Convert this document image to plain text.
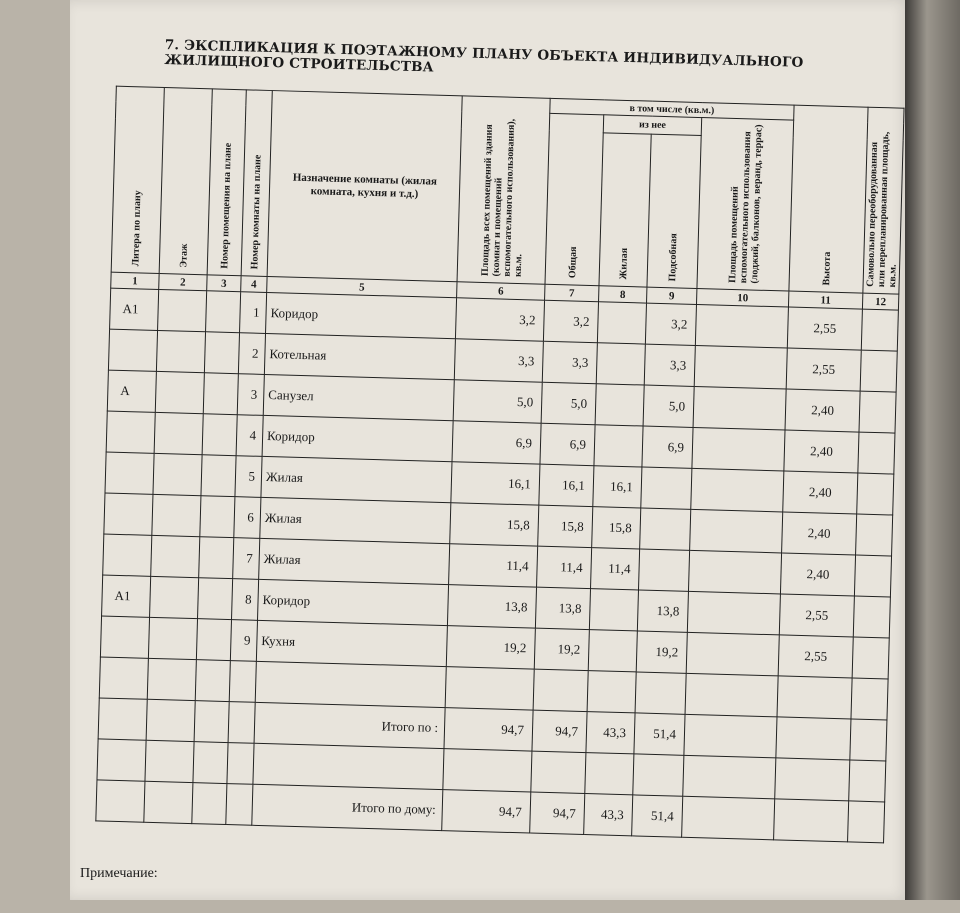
7. ЭКСПЛИКАЦИЯ К ПОЭТАЖНОМУ ПЛАНУ ОБЪЕКТА ИНДИВИДУАЛЬНОГО ЖИЛИЩНОГО СТРОИТЕЛЬСТВА
Литера по плану	Этаж	Номер помещения на плане	Номер комнаты на плане	Назначение комнаты (жилая комната, кухня и т.д.)	Площадь всех помещений здания (комнат и помещений вспомогательного использования), кв.м.	в том числе (кв.м.)				Высота	Самовольно переоборудованная или перепланированная площадь, кв.м.

						Общая	из нее		Площадь помещений вспомогательного использования (лоджий, балконов, веранд, террас)		

							Жилая	Подсобная			

1	2	3	4	5	6	7	8	9	10	11	12
А1			1	Коридор	3,2	3,2		3,2		2,55	
			2	Котельная	3,3	3,3		3,3		2,55	
А			3	Санузел	5,0	5,0		5,0		2,40	
			4	Коридор	6,9	6,9		6,9		2,40	
			5	Жилая	16,1	16,1	16,1			2,40	
			6	Жилая	15,8	15,8	15,8			2,40	
			7	Жилая	11,4	11,4	11,4			2,40	
А1			8	Коридор	13,8	13,8		13,8		2,55	
			9	Кухня	19,2	19,2		19,2		2,55	

				Итого по :	94,7	94,7	43,3	51,4			

				Итого по дому:	94,7	94,7	43,3	51,4			
Примечание:
